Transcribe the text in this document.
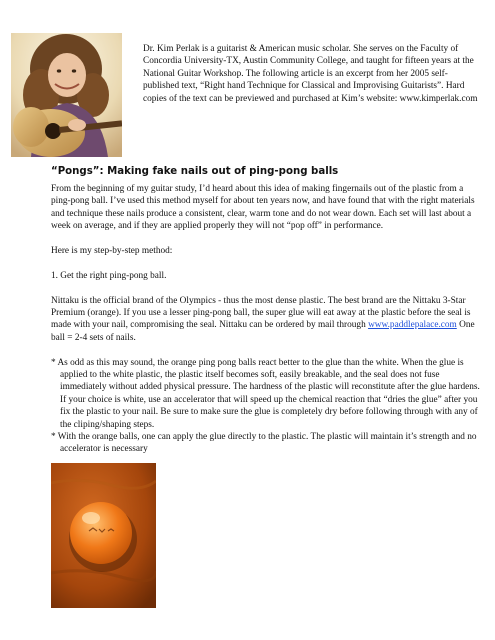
Dr. Kim Perlak is a guitarist & American music scholar. She serves on the Faculty of Concordia University-TX, Austin Community College, and taught for fifteen years at the National Guitar Workshop. The following article is an excerpt from her 2005 self-published text, “Right hand Technique for Classical and Improvising Guitarists”. Hard copies of the text can be previewed and purchased at Kim’s website: www.kimperlak.com
“Pongs”: Making fake nails out of ping-pong balls

From the beginning of my guitar study, I’d heard about this idea of making fingernails out of the plastic from a ping-pong ball. I’ve used this method myself for about ten years now, and have found that with the right materials and technique these nails produce a consistent, clear, warm tone and do not wear down. Each set will last about a week on average, and if they are applied properly they will not “pop off” in performance.

Here is my step-by-step method:

1. Get the right ping-pong ball.

Nittaku is the official brand of the Olympics - thus the most dense plastic. The best brand are the Nittaku 3-Star Premium (orange). If you use a lesser ping-pong ball, the super glue will eat away at the plastic before the seal is made with your nail, compromising the seal. Nittaku can be ordered by mail through www.paddlepalace.com One ball = 2-4 sets of nails.

* As odd as this may sound, the orange ping pong balls react better to the glue than the white. When the glue is applied to the white plastic, the plastic itself becomes soft, easily breakable, and the seal does not fuse immediately without added physical pressure. The hardness of the plastic will reconstitute after the glue hardens. If your choice is white, use an accelerator that will speed up the chemical reaction that “dries the glue” after you fix the plastic to your nail. Be sure to make sure the glue is completely dry before following through with any of the cliping/shaping steps.

* With the orange balls, one can apply the glue directly to the plastic. The plastic will maintain it’s strength and no accelerator is necessary
